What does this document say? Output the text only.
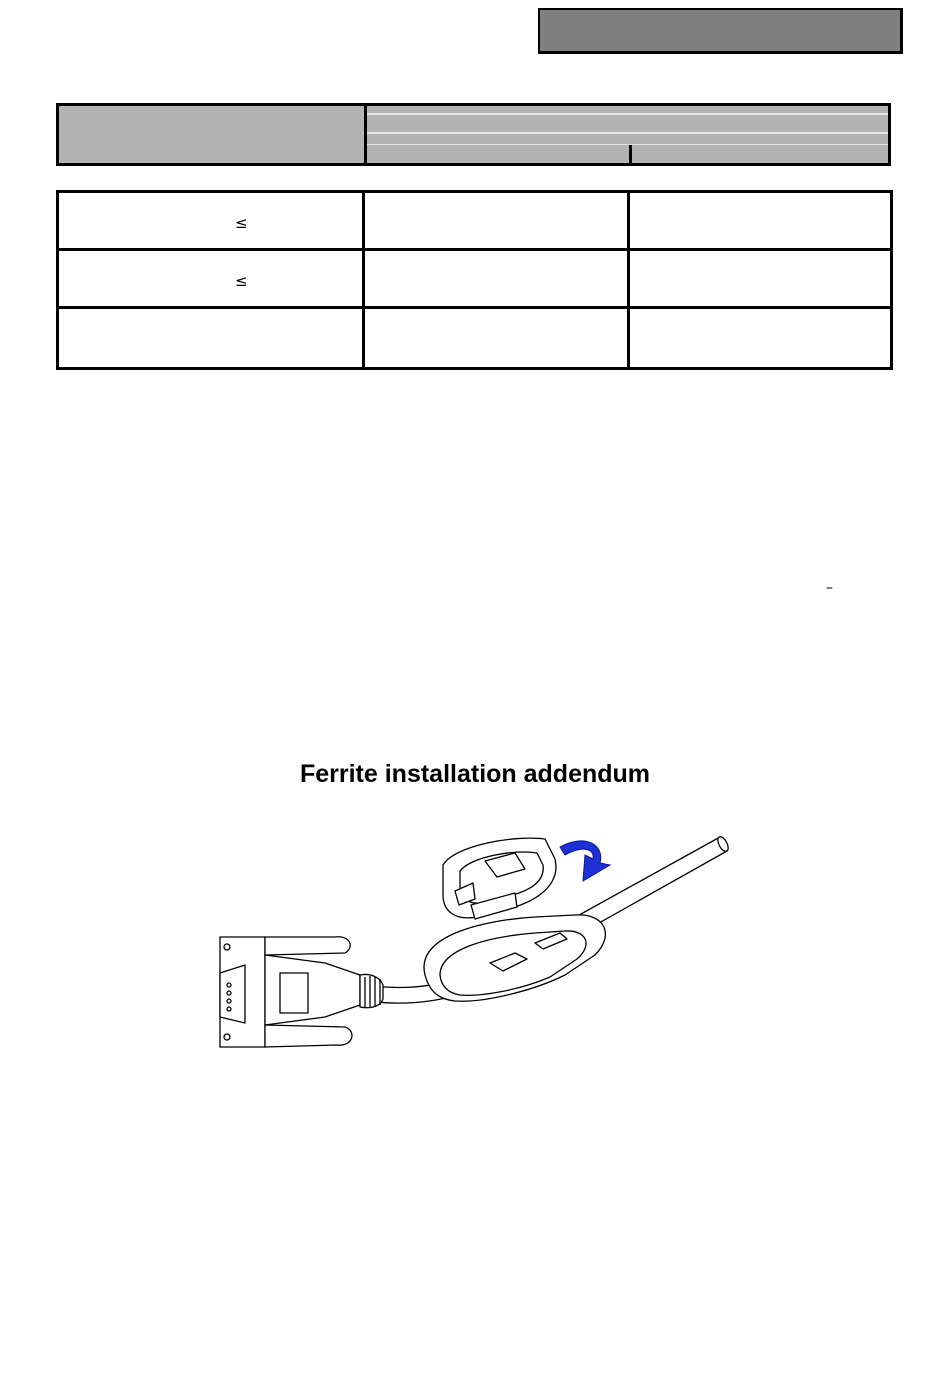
≤
≤
–
Ferrite installation addendum
